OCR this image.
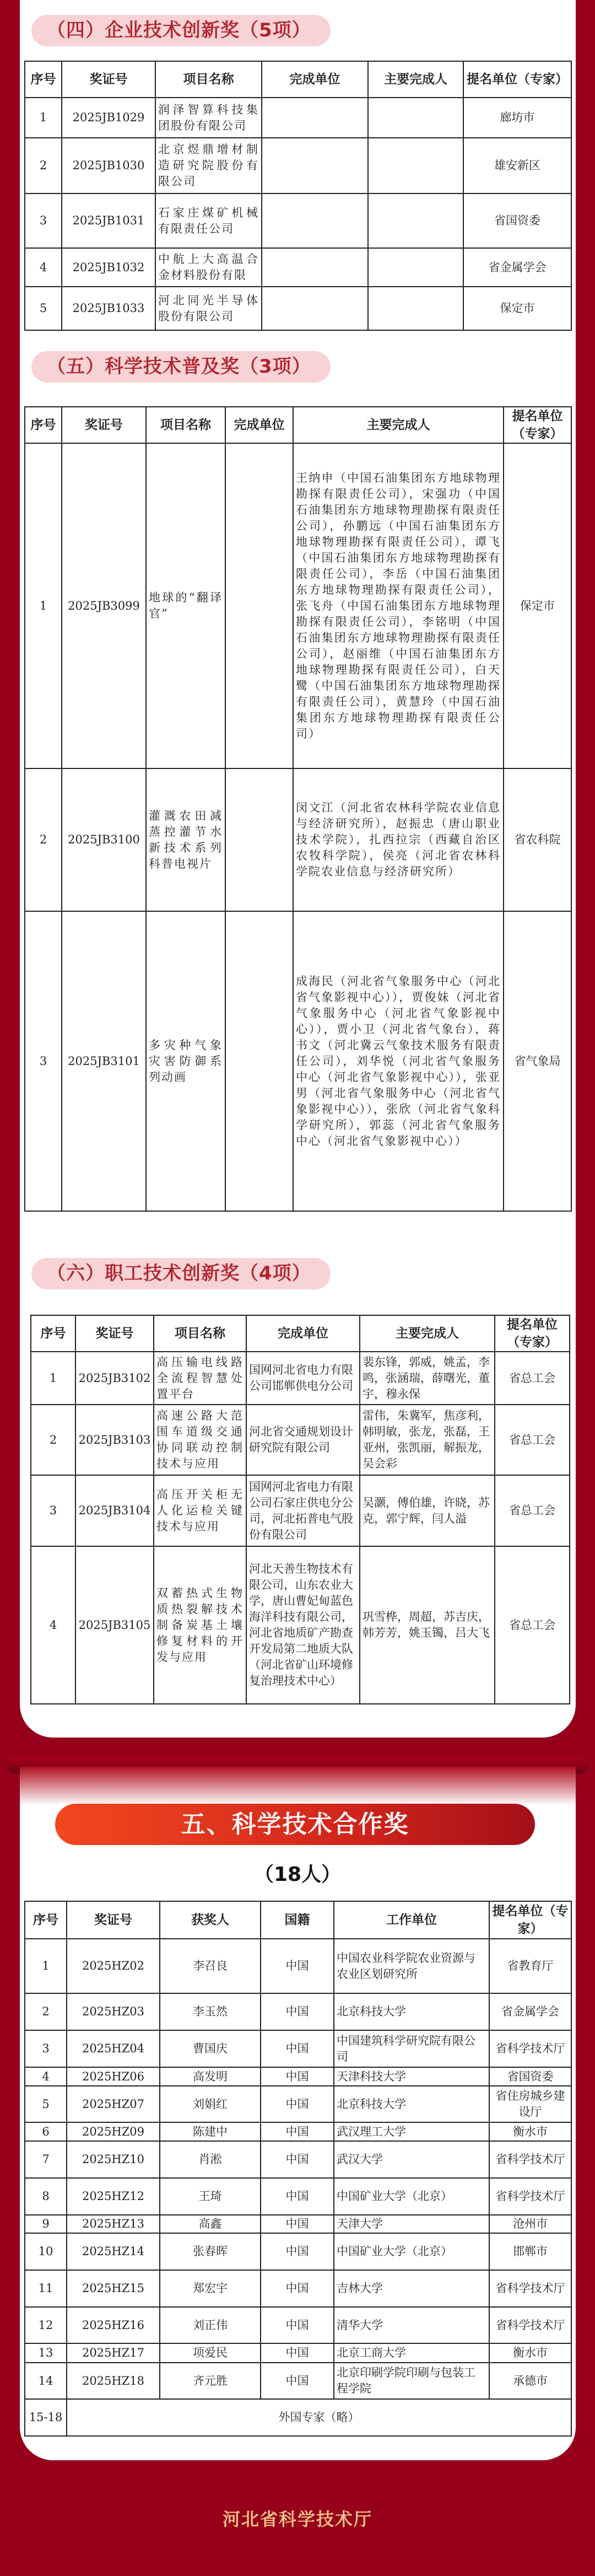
（四）企业技术创新奖（5项）
序号	奖证号	项目名称	完成单位	主要完成人	提名单位（专家）
1	2025JB1029	润泽智算科技集团股份有限公司			廊坊市
2	2025JB1030	北京煜鼎增材制造研究院股份有限公司			雄安新区
3	2025JB1031	石家庄煤矿机械有限责任公司			省国资委
4	2025JB1032	中航上大高温合金材料股份有限			省金属学会
5	2025JB1033	河北同光半导体股份有限公司			保定市
（五）科学技术普及奖（3项）
序号	奖证号	项目名称	完成单位	主要完成人	提名单位（专家）
1	2025JB3099	地球的“翻译官”		王纳申（中国石油集团东方地球物理勘探有限责任公司），宋强功（中国石油集团东方地球物理勘探有限责任公司），孙鹏远（中国石油集团东方地球物理勘探有限责任公司），谭飞（中国石油集团东方地球物理勘探有限责任公司），李岳（中国石油集团东方地球物理勘探有限责任公司），张飞舟（中国石油集团东方地球物理勘探有限责任公司），李铭明（中国石油集团东方地球物理勘探有限责任公司），赵丽维（中国石油集团东方地球物理勘探有限责任公司），白天鹭（中国石油集团东方地球物理勘探有限责任公司），黄慧玲（中国石油集团东方地球物理勘探有限责任公司）	保定市
2	2025JB3100	灌溉农田减蒸控灌节水新技术系列科普电视片		闵文江（河北省农林科学院农业信息与经济研究所），赵振忠（唐山职业技术学院），扎西拉宗（西藏自治区农牧科学院），侯亮（河北省农林科学院农业信息与经济研究所）	省农科院
3	2025JB3101	多灾种气象灾害防御系列动画		成海民（河北省气象服务中心（河北省气象影视中心）），贾俊妹（河北省气象服务中心（河北省气象影视中心）），贾小卫（河北省气象台），蒋书文（河北冀云气象技术服务有限责任公司），刘华悦（河北省气象服务中心（河北省气象影视中心）），张亚男（河北省气象服务中心（河北省气象影视中心）），张欣（河北省气象科学研究所），郭蕊（河北省气象服务中心（河北省气象影视中心））	省气象局
（六）职工技术创新奖（4项）
序号	奖证号	项目名称	完成单位	主要完成人	提名单位（专家）
1	2025JB3102	高压输电线路全流程智慧处置平台	国网河北省电力有限公司邯郸供电分公司	裴东锋，郭威，姚孟，李鸣，张涵瑞，薛曙光，董宇，穆永保	省总工会
2	2025JB3103	高速公路大范围车道级交通协同联动控制技术与应用	河北省交通规划设计研究院有限公司	雷伟，朱冀军，焦彦利，韩明敏，张龙，张磊，王亚州，张凯丽，解振龙，吴会彩	省总工会
3	2025JB3104	高压开关柜无人化运检关键技术与应用	国网河北省电力有限公司石家庄供电分公司，河北拓普电气股份有限公司	吴灏，傅伯雄，许晓，苏克，郭宁辉，闫人溢	省总工会
4	2025JB3105	双蓄热式生物质热裂解技术制备炭基土壤修复材料的开发与应用	河北天善生物技术有限公司，山东农业大学，唐山曹妃甸蓝色海洋科技有限公司，河北省地质矿产勘查开发局第二地质大队（河北省矿山环境修复治理技术中心）	巩雪桦，周超，苏吉庆，韩芳芳，姚玉镯，吕大飞	省总工会
五、科学技术合作奖
（18人）
序号	奖证号	获奖人	国籍	工作单位	提名单位（专家）
1	2025HZ02	李召良	中国	中国农业科学院农业资源与农业区划研究所	省教育厅
2	2025HZ03	李玉然	中国	北京科技大学	省金属学会
3	2025HZ04	曹国庆	中国	中国建筑科学研究院有限公司	省科学技术厅
4	2025HZ06	高发明	中国	天津科技大学	省国资委
5	2025HZ07	刘娟红	中国	北京科技大学	省住房城乡建设厅
6	2025HZ09	陈建中	中国	武汉理工大学	衡水市
7	2025HZ10	肖淞	中国	武汉大学	省科学技术厅
8	2025HZ12	王琦	中国	中国矿业大学（北京）	省科学技术厅
9	2025HZ13	高鑫	中国	天津大学	沧州市
10	2025HZ14	张春晖	中国	中国矿业大学（北京）	邯郸市
11	2025HZ15	郑宏宇	中国	吉林大学	省科学技术厅
12	2025HZ16	刘正伟	中国	清华大学	省科学技术厅
13	2025HZ17	项爱民	中国	北京工商大学	衡水市
14	2025HZ18	齐元胜	中国	北京印刷学院印刷与包装工程学院	承德市
15-18	外国专家（略）				
河北省科学技术厅
